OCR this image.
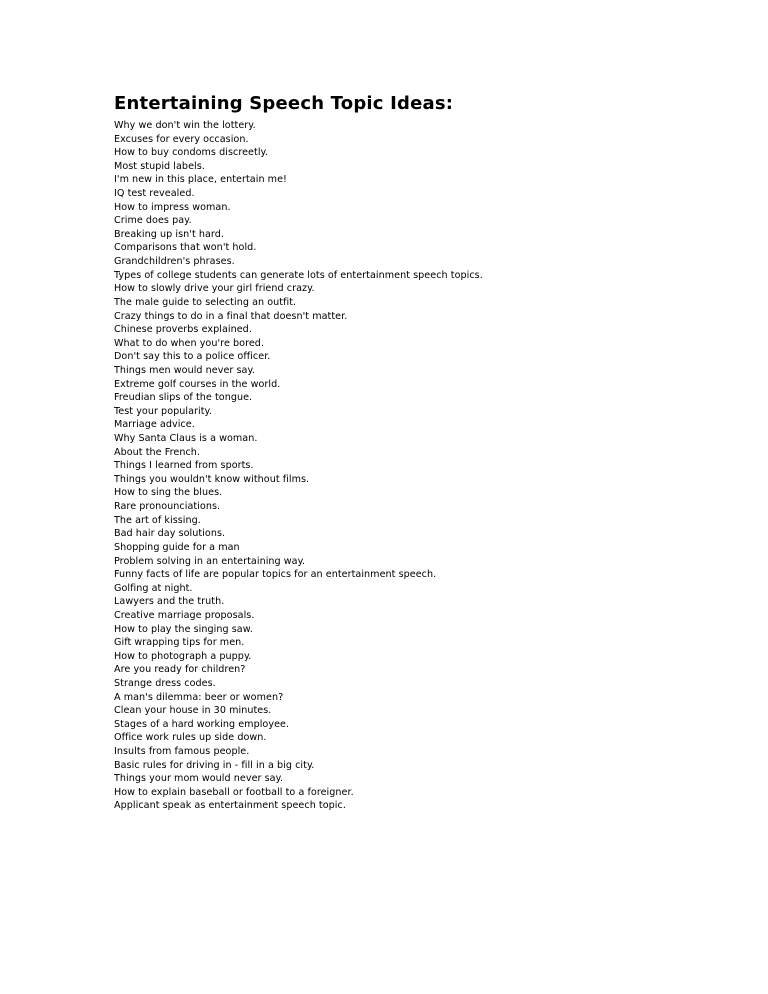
Entertaining Speech Topic Ideas:
Why we don't win the lottery.
Excuses for every occasion.
How to buy condoms discreetly.
Most stupid labels.
I'm new in this place, entertain me!
IQ test revealed.
How to impress woman.
Crime does pay.
Breaking up isn't hard.
Comparisons that won't hold.
Grandchildren's phrases.
Types of college students can generate lots of entertainment speech topics.
How to slowly drive your girl friend crazy.
The male guide to selecting an outfit.
Crazy things to do in a final that doesn't matter.
Chinese proverbs explained.
What to do when you're bored.
Don't say this to a police officer.
Things men would never say.
Extreme golf courses in the world.
Freudian slips of the tongue.
Test your popularity.
Marriage advice.
Why Santa Claus is a woman.
About the French.
Things I learned from sports.
Things you wouldn't know without films.
How to sing the blues.
Rare pronounciations.
The art of kissing.
Bad hair day solutions.
Shopping guide for a man
Problem solving in an entertaining way.
Funny facts of life are popular topics for an entertainment speech.
Golfing at night.
Lawyers and the truth.
Creative marriage proposals.
How to play the singing saw.
Gift wrapping tips for men.
How to photograph a puppy.
Are you ready for children?
Strange dress codes.
A man's dilemma: beer or women?
Clean your house in 30 minutes.
Stages of a hard working employee.
Office work rules up side down.
Insults from famous people.
Basic rules for driving in - fill in a big city.
Things your mom would never say.
How to explain baseball or football to a foreigner.
Applicant speak as entertainment speech topic.
